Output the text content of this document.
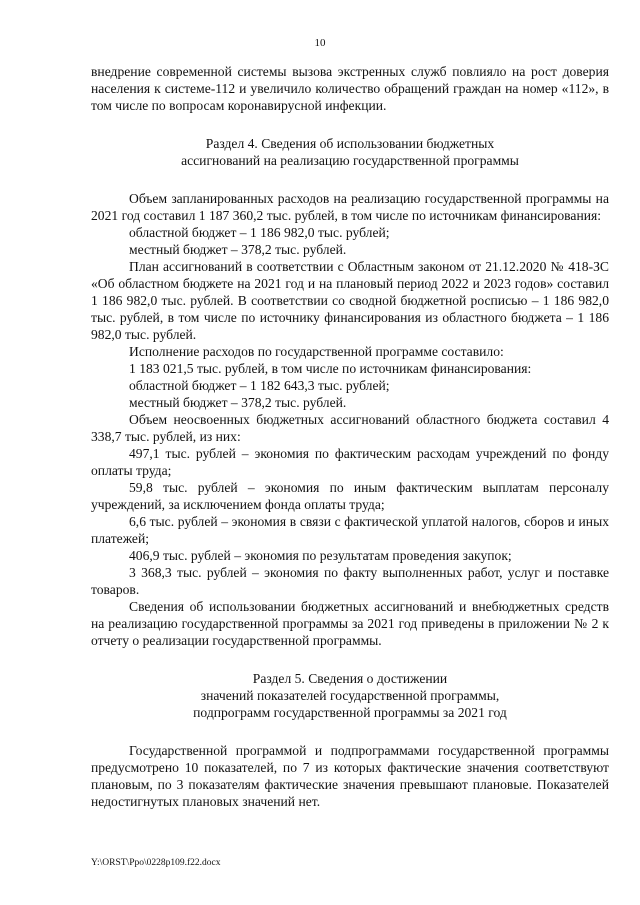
10

внедрение современной системы вызова экстренных служб повлияло на рост доверия населения к системе-112 и увеличило количество обращений граждан на номер «112», в том числе по вопросам коронавирусной инфекции.

Раздел 4. Сведения об использовании бюджетных

ассигнований на реализацию государственной программы

Объем запланированных расходов на реализацию государственной программы на 2021 год составил 1 187 360,2 тыс. рублей, в том числе по источникам финансирования:

областной бюджет – 1 186 982,0 тыс. рублей;

местный бюджет – 378,2 тыс. рублей.

План ассигнований в соответствии с Областным законом от 21.12.2020 № 418-ЗС «Об областном бюджете на 2021 год и на плановый период 2022 и 2023 годов» составил 1 186 982,0 тыс. рублей. В соответствии со сводной бюджетной росписью – 1 186 982,0 тыс. рублей, в том числе по источнику финансирования из областного бюджета – 1 186 982,0 тыс. рублей.

Исполнение расходов по государственной программе составило:

1 183 021,5 тыс. рублей, в том числе по источникам финансирования:

областной бюджет – 1 182 643,3 тыс. рублей;

местный бюджет – 378,2 тыс. рублей.

Объем неосвоенных бюджетных ассигнований областного бюджета составил 4 338,7 тыс. рублей, из них:

497,1 тыс. рублей – экономия по фактическим расходам учреждений по фонду оплаты труда;

59,8 тыс. рублей – экономия по иным фактическим выплатам персоналу учреждений, за исключением фонда оплаты труда;

6,6 тыс. рублей – экономия в связи с фактической уплатой налогов, сборов и иных платежей;

406,9 тыс. рублей – экономия по результатам проведения закупок;

3 368,3 тыс. рублей – экономия по факту выполненных работ, услуг и поставке товаров.

Сведения об использовании бюджетных ассигнований и внебюджетных средств на реализацию государственной программы за 2021 год приведены в приложении № 2 к отчету о реализации государственной программы.

Раздел 5. Сведения о достижении

значений показателей государственной программы,

подпрограмм государственной программы за 2021 год

Государственной программой и подпрограммами государственной программы предусмотрено 10 показателей, по 7 из которых фактические значения соответствуют плановым, по 3 показателям фактические значения превышают плановые. Показателей недостигнутых плановых значений нет.

Y:\ORST\Ppo\0228p109.f22.docx
